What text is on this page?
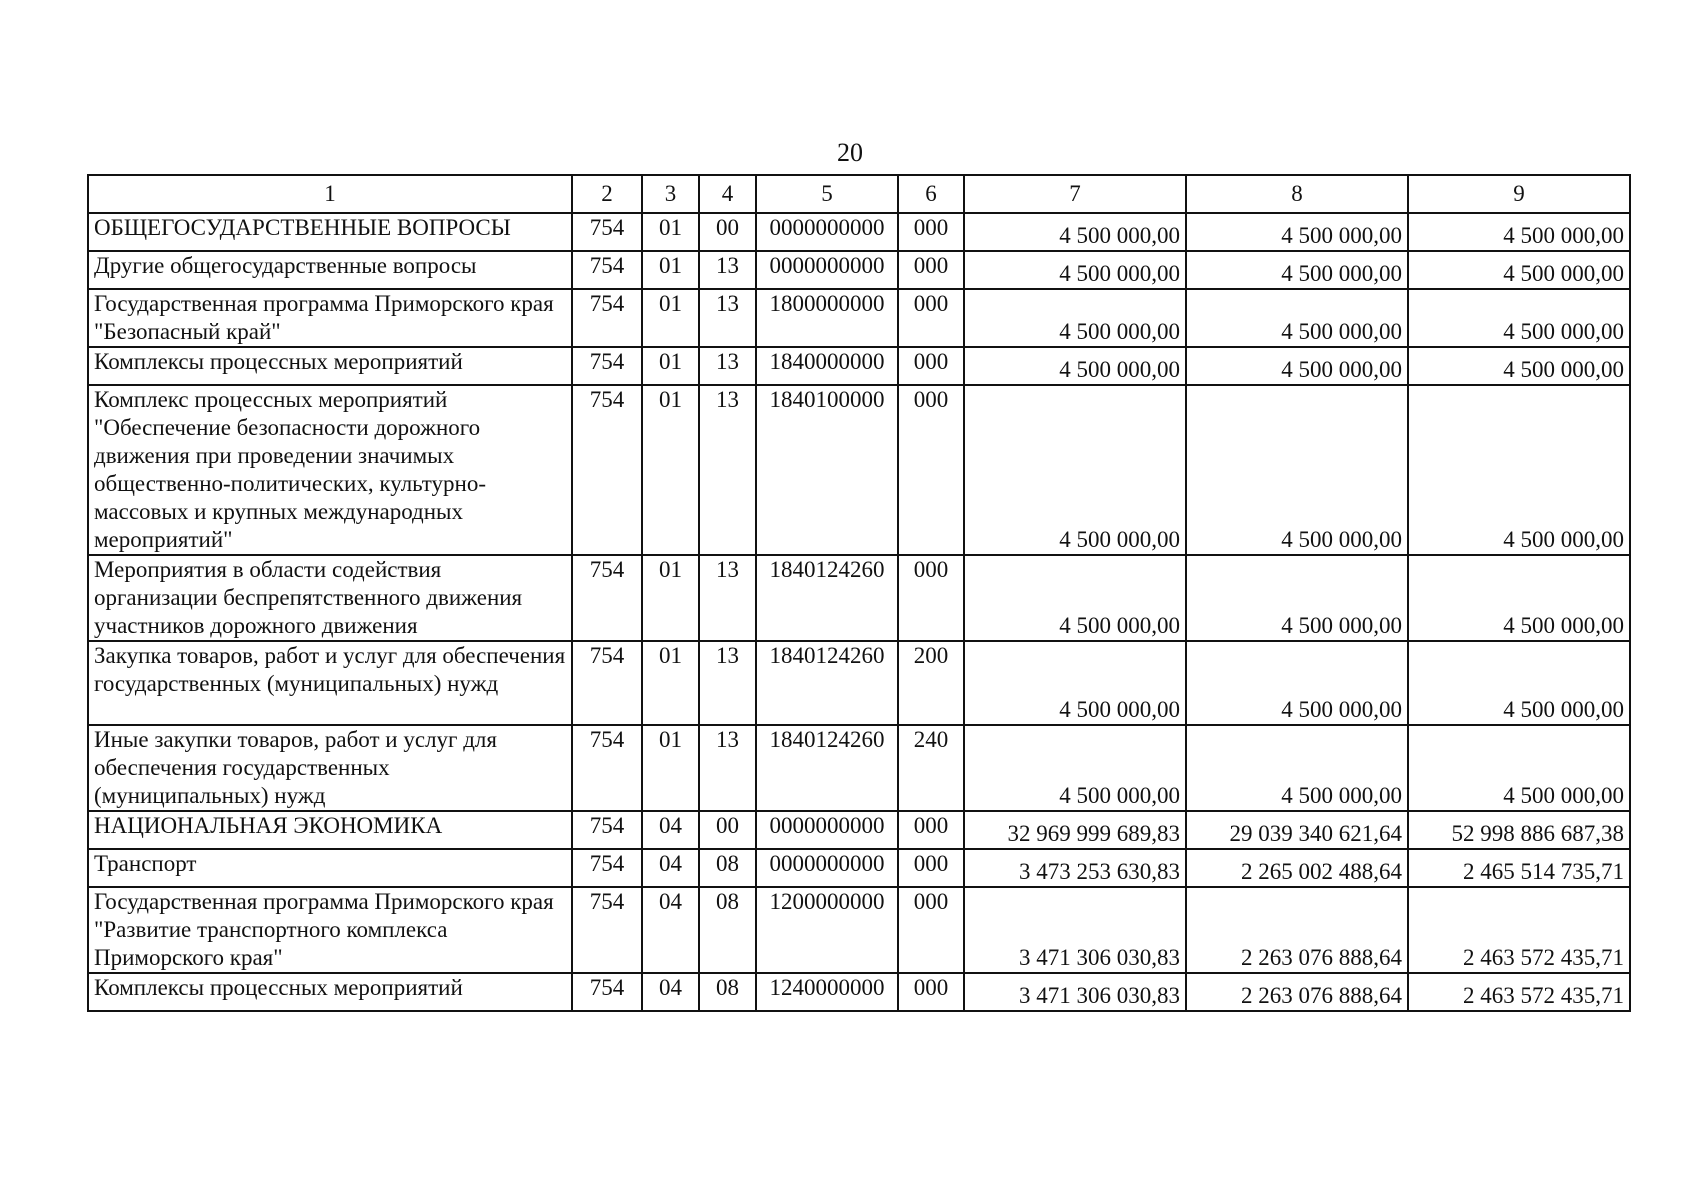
20
1	2	3	4	5	6	7	8	9
ОБЩЕГОСУДАРСТВЕННЫЕ ВОПРОСЫ	754	01	00	0000000000	000	4 500 000,00	4 500 000,00	4 500 000,00
Другие общегосударственные вопросы	754	01	13	0000000000	000	4 500 000,00	4 500 000,00	4 500 000,00
Государственная программа Приморского края "Безопасный край"	754	01	13	1800000000	000	4 500 000,00	4 500 000,00	4 500 000,00
Комплексы процессных мероприятий	754	01	13	1840000000	000	4 500 000,00	4 500 000,00	4 500 000,00
Комплекс процессных мероприятий "Обеспечение безопасности дорожного движения при проведении значимых общественно-политических, культурно-массовых и крупных международных мероприятий"	754	01	13	1840100000	000	4 500 000,00	4 500 000,00	4 500 000,00
Мероприятия в области содействия организации беспрепятственного движения участников дорожного движения	754	01	13	1840124260	000	4 500 000,00	4 500 000,00	4 500 000,00
Закупка товаров, работ и услуг для обеспечения государственных (муниципальных) нужд	754	01	13	1840124260	200	4 500 000,00	4 500 000,00	4 500 000,00
Иные закупки товаров, работ и услуг для обеспечения государственных (муниципальных) нужд	754	01	13	1840124260	240	4 500 000,00	4 500 000,00	4 500 000,00
НАЦИОНАЛЬНАЯ ЭКОНОМИКА	754	04	00	0000000000	000	32 969 999 689,83	29 039 340 621,64	52 998 886 687,38
Транспорт	754	04	08	0000000000	000	3 473 253 630,83	2 265 002 488,64	2 465 514 735,71
Государственная программа Приморского края "Развитие транспортного комплекса Приморского края"	754	04	08	1200000000	000	3 471 306 030,83	2 263 076 888,64	2 463 572 435,71
Комплексы процессных мероприятий	754	04	08	1240000000	000	3 471 306 030,83	2 263 076 888,64	2 463 572 435,71
